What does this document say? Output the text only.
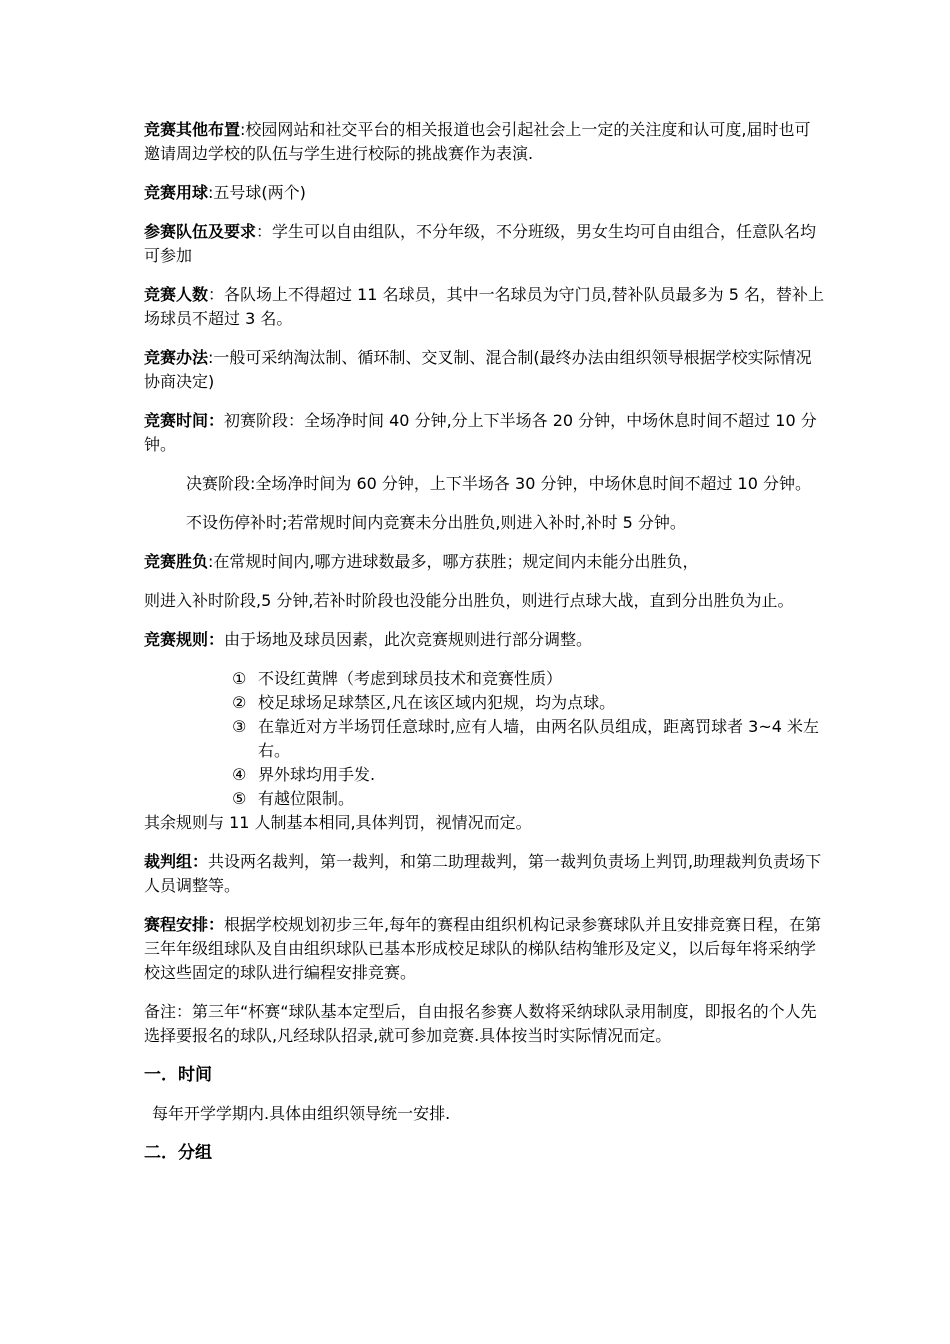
竞赛其他布置:校园网站和社交平台的相关报道也会引起社会上一定的关注度和认可度,届时也可邀请周边学校的队伍与学生进行校际的挑战赛作为表演.

竞赛用球:五号球(两个)

参赛队伍及要求：学生可以自由组队，不分年级，不分班级，男女生均可自由组合，任意队名均可参加

竞赛人数：各队场上不得超过 11 名球员，其中一名球员为守门员,替补队员最多为 5 名，替补上场球员不超过 3 名。

竞赛办法:一般可采纳淘汰制、循环制、交叉制、混合制(最终办法由组织领导根据学校实际情况协商决定)

竞赛时间：初赛阶段：全场净时间 40 分钟,分上下半场各 20 分钟，中场休息时间不超过 10 分钟。

决赛阶段:全场净时间为 60 分钟，上下半场各 30 分钟，中场休息时间不超过 10 分钟。

不设伤停补时;若常规时间内竞赛未分出胜负,则进入补时,补时 5 分钟。

竞赛胜负:在常规时间内,哪方进球数最多，哪方获胜；规定间内未能分出胜负，

则进入补时阶段,5 分钟,若补时阶段也没能分出胜负，则进行点球大战，直到分出胜负为止。

竞赛规则：由于场地及球员因素，此次竞赛规则进行部分调整。

① 不设红黄牌（考虑到球员技术和竞赛性质）
② 校足球场足球禁区,凡在该区域内犯规，均为点球。
③ 在靠近对方半场罚任意球时,应有人墙，由两名队员组成，距离罚球者 3~4 米左右。
④ 界外球均用手发.
⑤ 有越位限制。

其余规则与 11 人制基本相同,具体判罚，视情况而定。

裁判组：共设两名裁判，第一裁判，和第二助理裁判，第一裁判负责场上判罚,助理裁判负责场下人员调整等。

赛程安排：根据学校规划初步三年,每年的赛程由组织机构记录参赛球队并且安排竞赛日程，在第三年年级组球队及自由组织球队已基本形成校足球队的梯队结构雏形及定义，以后每年将采纳学校这些固定的球队进行编程安排竞赛。

备注：第三年“杯赛“球队基本定型后，自由报名参赛人数将采纳球队录用制度，即报名的个人先选择要报名的球队,凡经球队招录,就可参加竞赛.具体按当时实际情况而定。

一．时间

每年开学学期内.具体由组织领导统一安排.

二．分组
